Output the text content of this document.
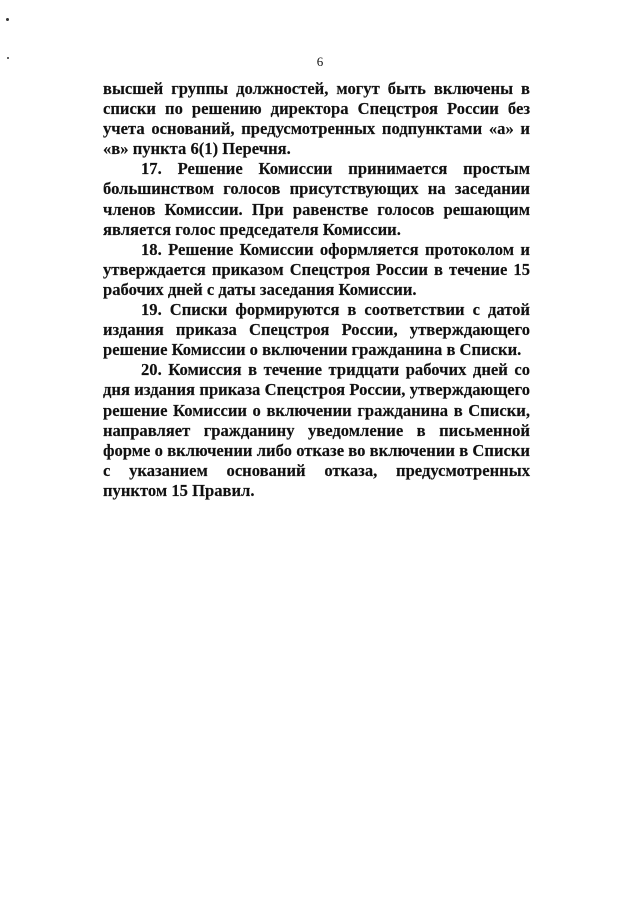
6

высшей группы должностей, могут быть включены в списки по решению директора Спецстроя России без учета оснований, предусмотренных подпунктами «а» и «в» пункта 6(1) Перечня.

17. Решение Комиссии принимается простым большинством голосов присутствующих на заседании членов Комиссии. При равенстве голосов решающим является голос председателя Комиссии.

18. Решение Комиссии оформляется протоколом и утверждается приказом Спецстроя России в течение 15 рабочих дней с даты заседания Комиссии.

19. Списки формируются в соответствии с датой издания приказа Спецстроя России, утверждающего решение Комиссии о включении гражданина в Списки.

20. Комиссия в течение тридцати рабочих дней со дня издания приказа Спецстроя России, утверждающего решение Комиссии о включении гражданина в Списки, направляет гражданину уведомление в письменной форме о включении либо отказе во включении в Списки с указанием оснований отказа, предусмотренных пунктом 15 Правил.
